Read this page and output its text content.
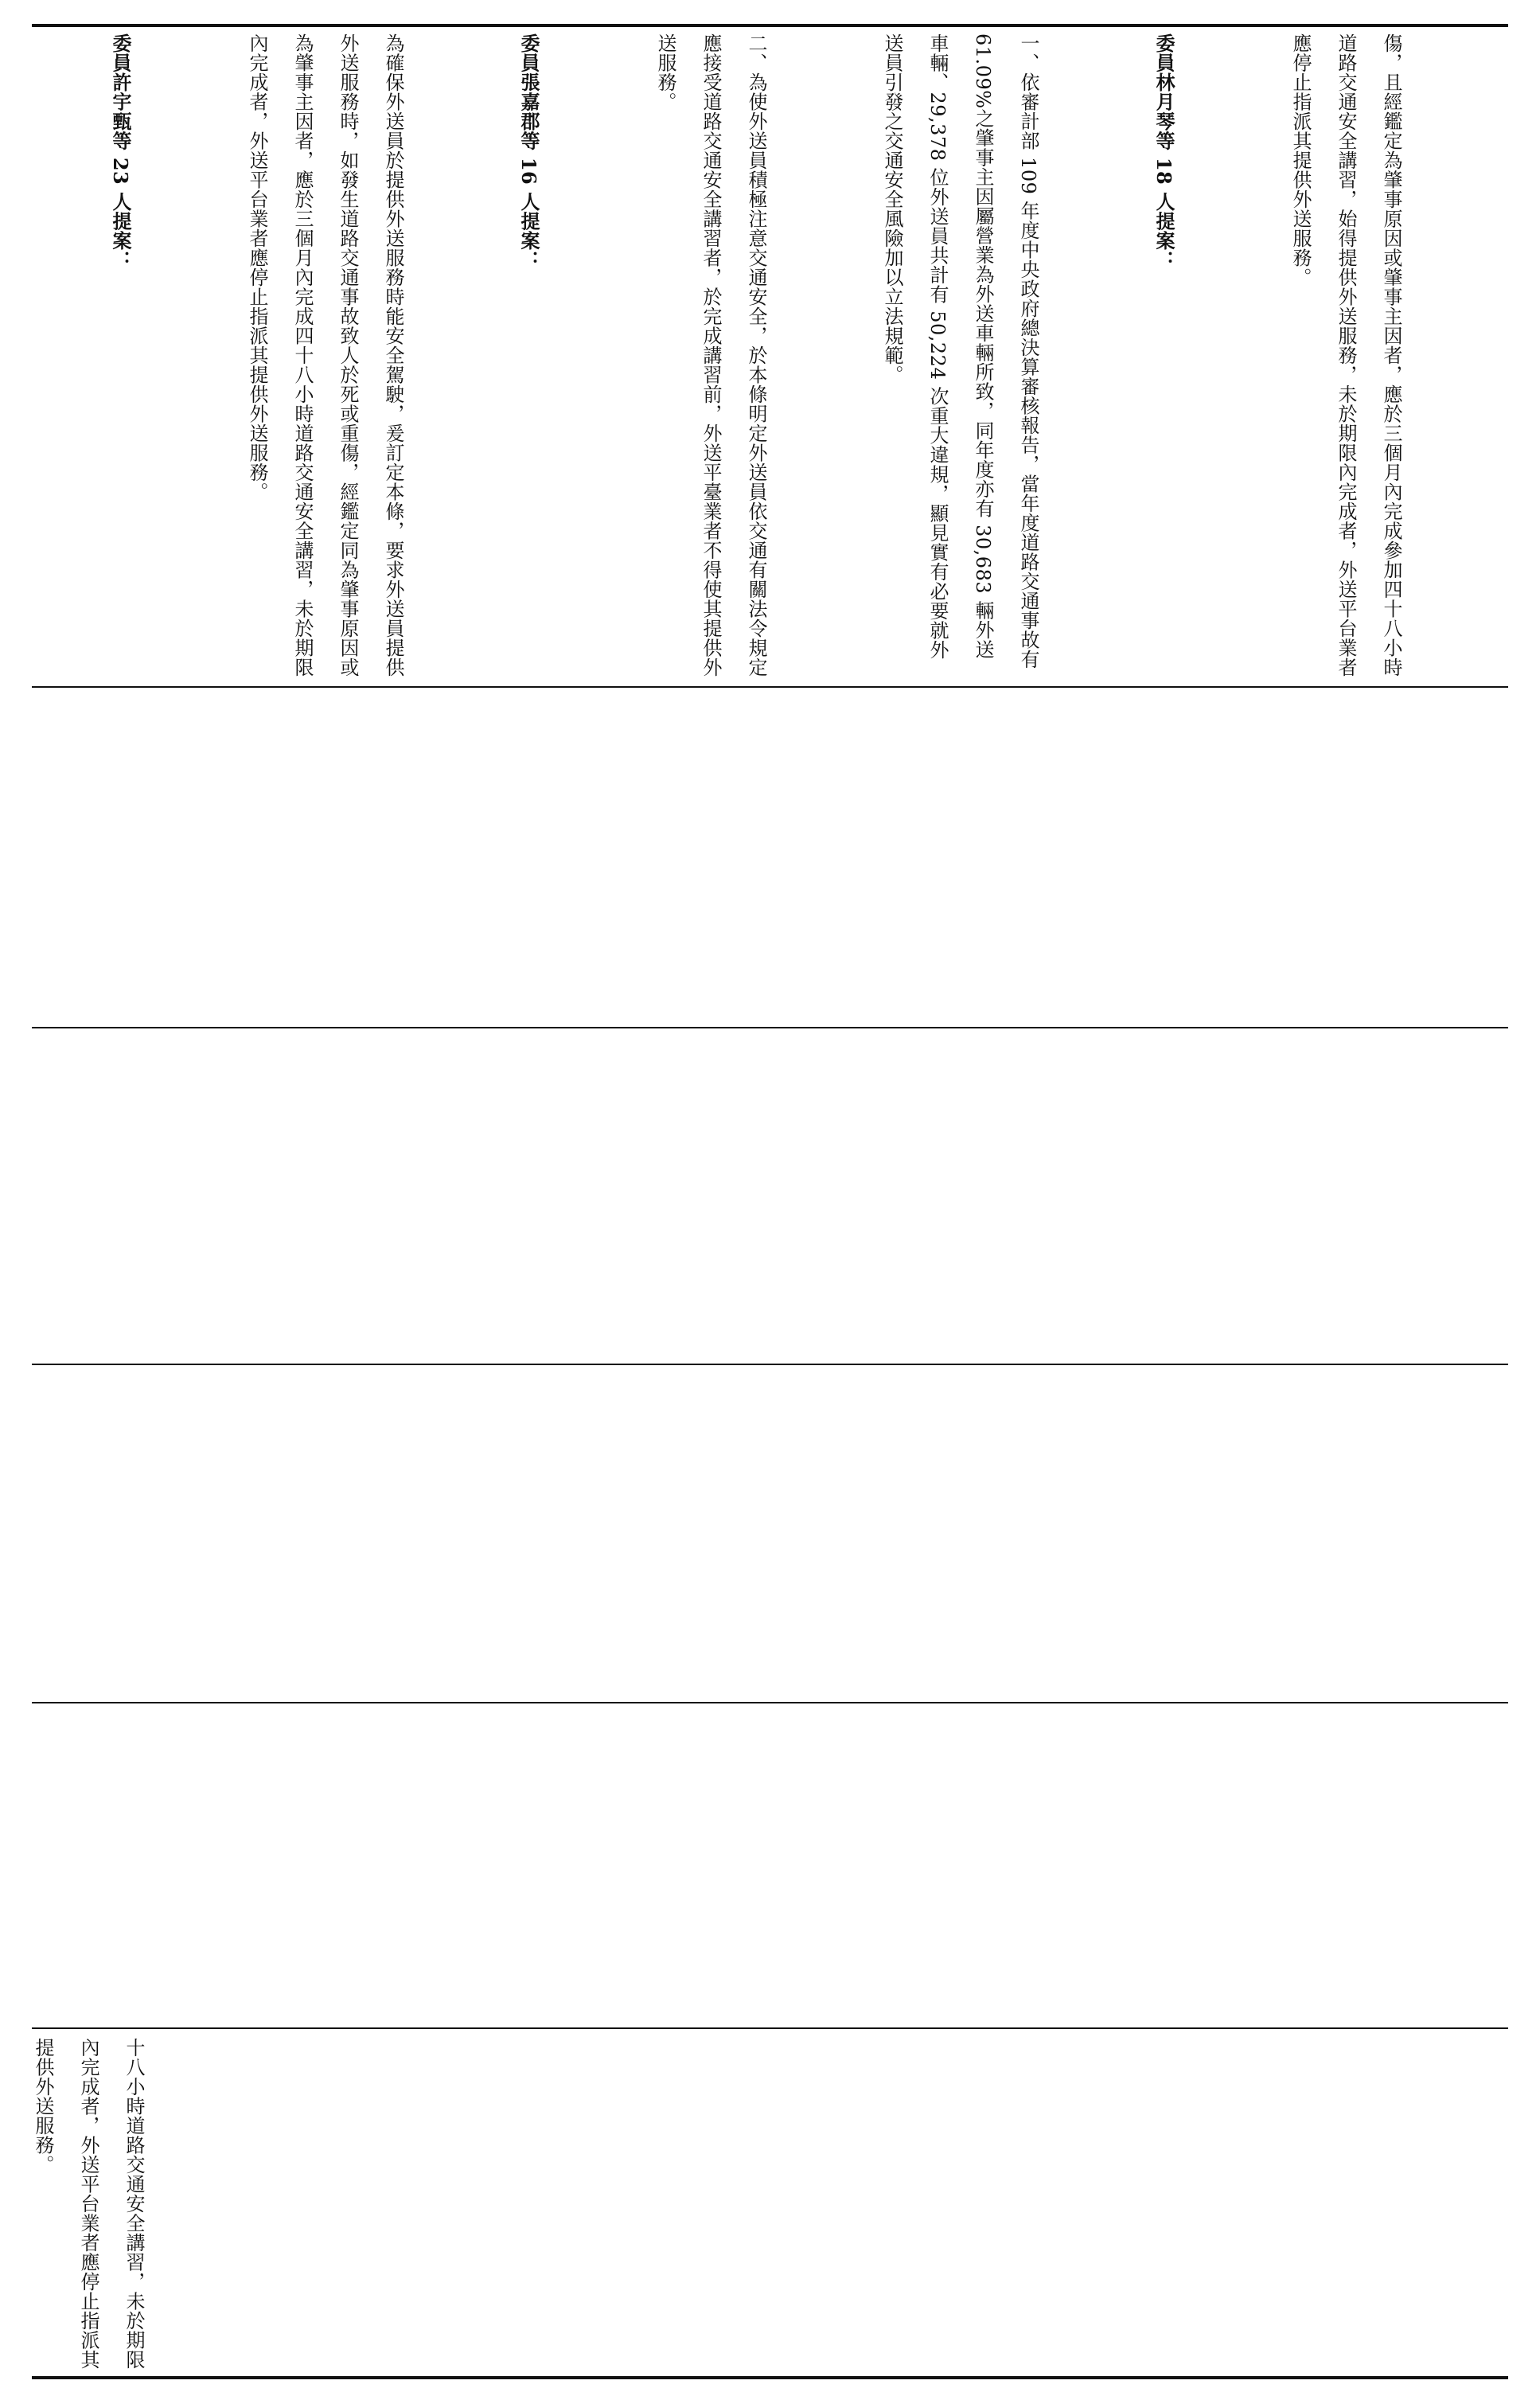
傷，且經鑑定為肇事原因或肇事主因者，應於三個月內完成參加四十八小時道路交通安全講習，始得提供外送服務，未於期限內完成者，外送平台業者應停止指派其提供外送服務。

委員林月琴等 18 人提案：

一、依審計部 109 年度中央政府總決算審核報告，當年度道路交通事故有 61.09%之肇事主因屬營業為外送車輛所致，同年度亦有 30,683 輛外送車輛、29,378 位外送員共計有 50,224 次重大違規，顯見實有必要就外送員引發之交通安全風險加以立法規範。

二、為使外送員積極注意交通安全，於本條明定外送員依交通有關法令規定應接受道路交通安全講習者，於完成講習前，外送平臺業者不得使其提供外送服務。

委員張嘉郡等 16 人提案：

為確保外送員於提供外送服務時能安全駕駛，爰訂定本條，要求外送員提供外送服務時，如發生道路交通事故致人於死或重傷，經鑑定同為肇事原因或為肇事主因者，應於三個月內完成四十八小時道路交通安全講習，未於期限內完成者，外送平台業者應停止指派其提供外送服務。

委員許宇甄等 23 人提案：

十八小時道路交通安全講習，未於期限內完成者，外送平台業者應停止指派其提供外送服務。
